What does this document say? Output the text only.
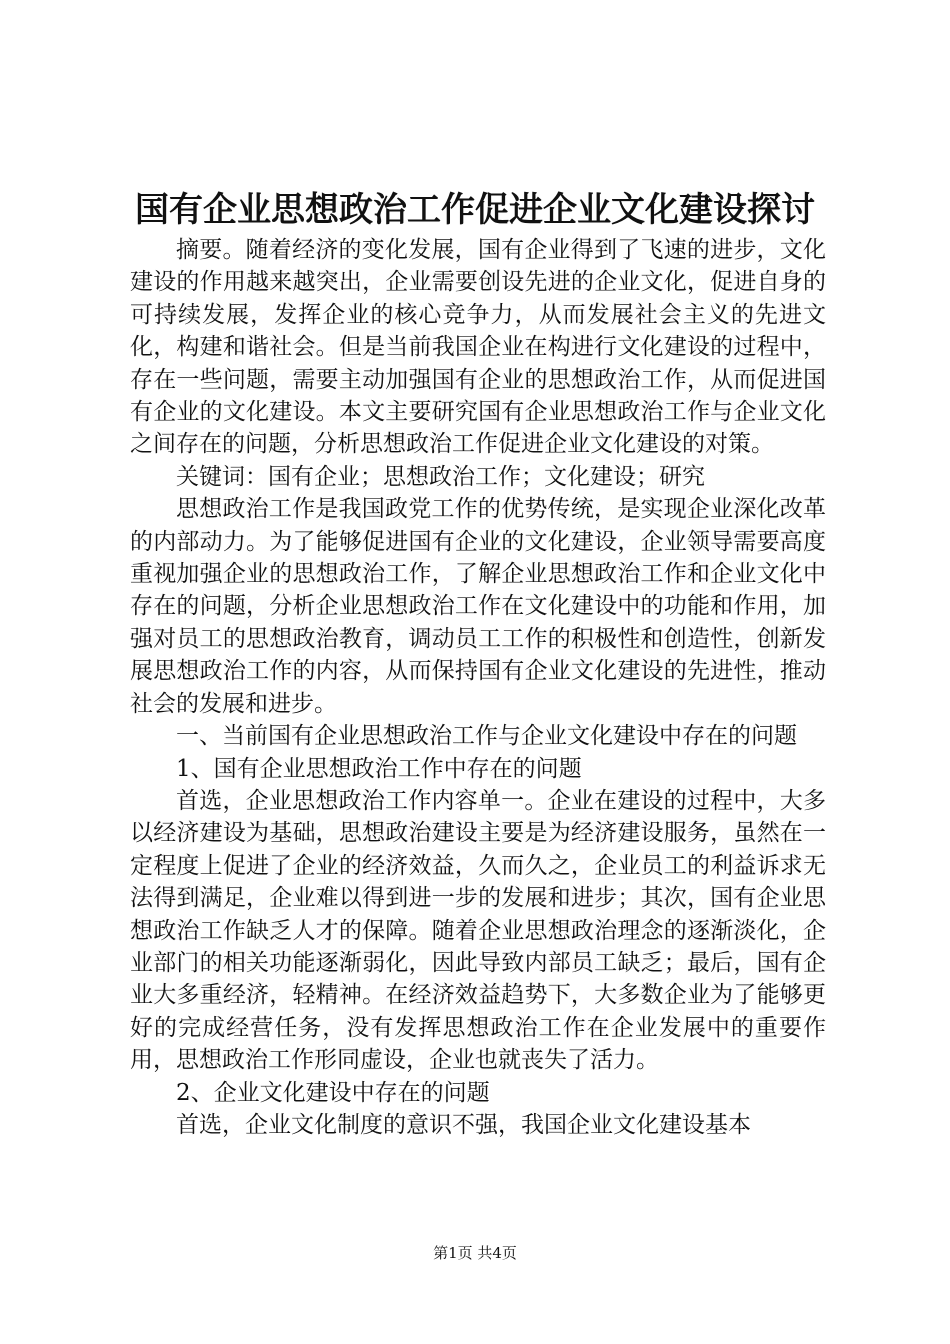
国有企业思想政治工作促进企业文化建设探讨

摘要。随着经济的变化发展，国有企业得到了飞速的进步，文化建设的作用越来越突出，企业需要创设先进的企业文化，促进自身的可持续发展，发挥企业的核心竞争力，从而发展社会主义的先进文化，构建和谐社会。但是当前我国企业在构进行文化建设的过程中，存在一些问题，需要主动加强国有企业的思想政治工作，从而促进国有企业的文化建设。本文主要研究国有企业思想政治工作与企业文化之间存在的问题，分析思想政治工作促进企业文化建设的对策。

关键词：国有企业；思想政治工作；文化建设；研究

思想政治工作是我国政党工作的优势传统，是实现企业深化改革的内部动力。为了能够促进国有企业的文化建设，企业领导需要高度重视加强企业的思想政治工作，了解企业思想政治工作和企业文化中存在的问题，分析企业思想政治工作在文化建设中的功能和作用，加强对员工的思想政治教育，调动员工工作的积极性和创造性，创新发展思想政治工作的内容，从而保持国有企业文化建设的先进性，推动社会的发展和进步。

一、当前国有企业思想政治工作与企业文化建设中存在的问题

1、国有企业思想政治工作中存在的问题

首选，企业思想政治工作内容单一。企业在建设的过程中，大多以经济建设为基础，思想政治建设主要是为经济建设服务，虽然在一定程度上促进了企业的经济效益，久而久之，企业员工的利益诉求无法得到满足，企业难以得到进一步的发展和进步；其次，国有企业思想政治工作缺乏人才的保障。随着企业思想政治理念的逐渐淡化，企业部门的相关功能逐渐弱化，因此导致内部员工缺乏；最后，国有企业大多重经济，轻精神。在经济效益趋势下，大多数企业为了能够更好的完成经营任务，没有发挥思想政治工作在企业发展中的重要作用，思想政治工作形同虚设，企业也就丧失了活力。

2、企业文化建设中存在的问题

首选，企业文化制度的意识不强，我国企业文化建设基本

第1页 共4页
